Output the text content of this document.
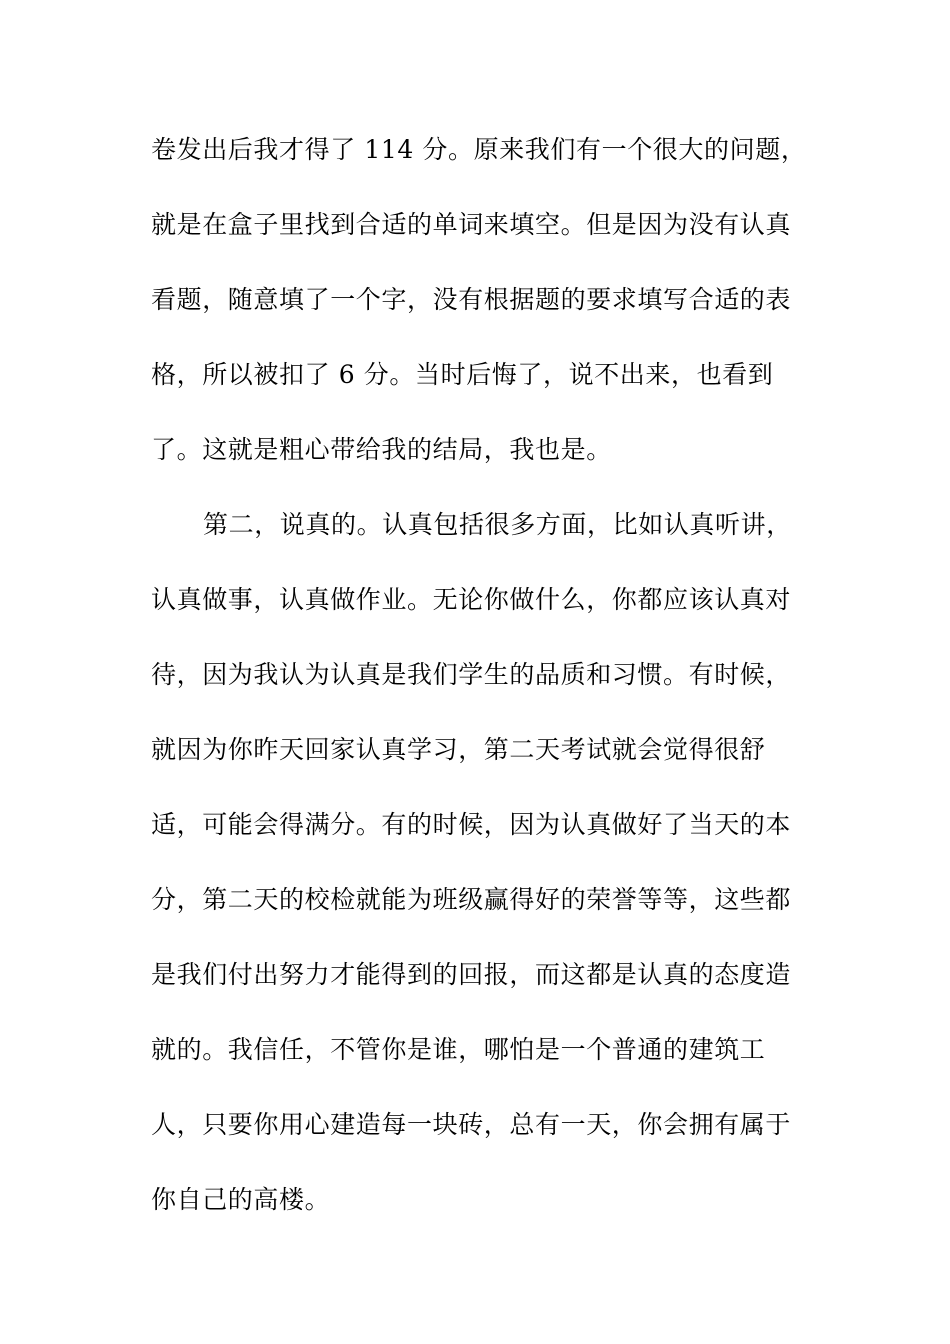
卷发出后我才得了 114 分。原来我们有一个很大的问题，
就是在盒子里找到合适的单词来填空。但是因为没有认真
看题，随意填了一个字，没有根据题的要求填写合适的表
格，所以被扣了 6 分。当时后悔了，说不出来，也看到
了。这就是粗心带给我的结局，我也是。
第二，说真的。认真包括很多方面，比如认真听讲，
认真做事，认真做作业。无论你做什么，你都应该认真对
待，因为我认为认真是我们学生的品质和习惯。有时候，
就因为你昨天回家认真学习，第二天考试就会觉得很舒
适，可能会得满分。有的时候，因为认真做好了当天的本
分，第二天的校检就能为班级赢得好的荣誉等等，这些都
是我们付出努力才能得到的回报，而这都是认真的态度造
就的。我信任，不管你是谁，哪怕是一个普通的建筑工
人，只要你用心建造每一块砖，总有一天，你会拥有属于
你自己的高楼。
